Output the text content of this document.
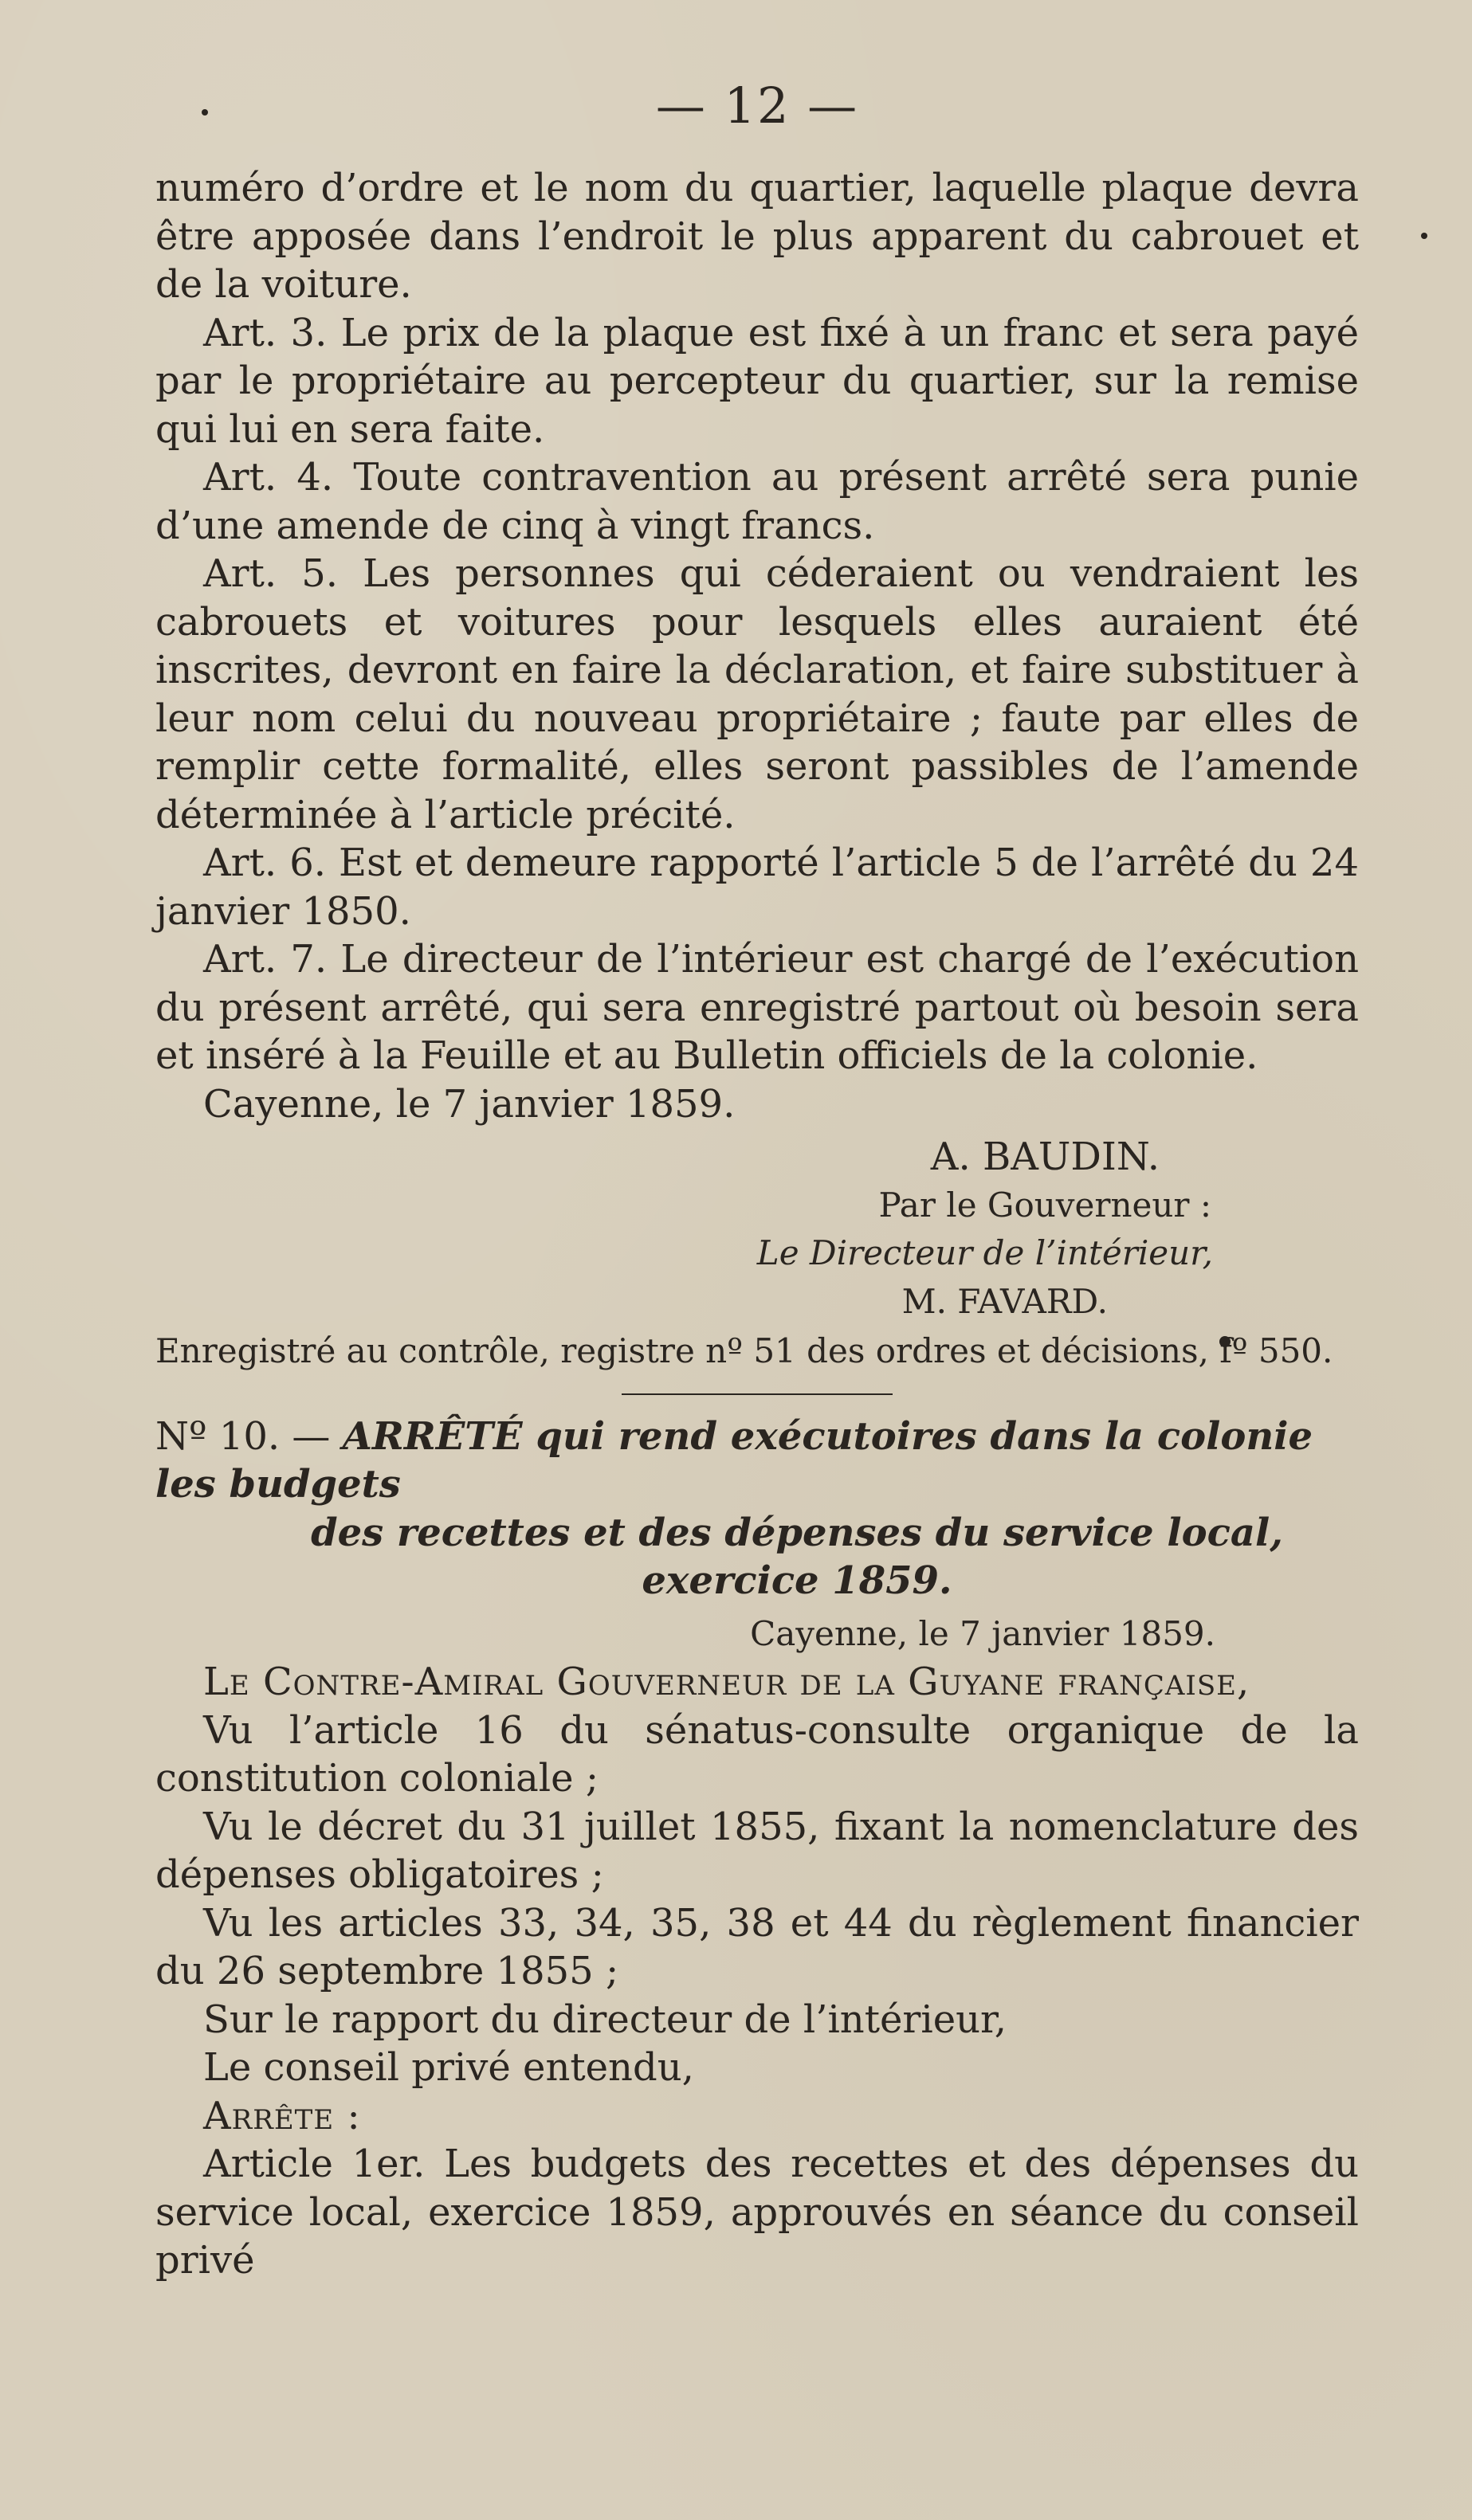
— 12 —

numéro d’ordre et le nom du quartier, laquelle plaque devra être apposée dans l’endroit le plus apparent du cabrouet et de la voiture.

Art. 3. Le prix de la plaque est fixé à un franc et sera payé par le propriétaire au percepteur du quartier, sur la remise qui lui en sera faite.

Art. 4. Toute contravention au présent arrêté sera punie d’une amende de cinq à vingt francs.

Art. 5. Les personnes qui céderaient ou vendraient les cabrouets et voitures pour lesquels elles auraient été inscrites, devront en faire la déclaration, et faire substituer à leur nom celui du nouveau propriétaire ; faute par elles de remplir cette formalité, elles seront passibles de l’amende déterminée à l’article précité.

Art. 6. Est et demeure rapporté l’article 5 de l’arrêté du 24 janvier 1850.

Art. 7. Le directeur de l’intérieur est chargé de l’exécution du présent arrêté, qui sera enregistré partout où besoin sera et inséré à la Feuille et au Bulletin officiels de la colonie.

Cayenne, le 7 janvier 1859.

A. BAUDIN.
Par le Gouverneur :
Le Directeur de l’intérieur,
M. FAVARD.
Enregistré au contrôle, registre nº 51 des ordres et décisions, fº 550.
Nº 10. — ARRÊTÉ qui rend exécutoires dans la colonie les budgets
des recettes et des dépenses du service local, exercice 1859.
Cayenne, le 7 janvier 1859.

Le Contre-Amiral Gouverneur de la Guyane française,

Vu l’article 16 du sénatus-consulte organique de la constitution coloniale ;

Vu le décret du 31 juillet 1855, fixant la nomenclature des dépenses obligatoires ;

Vu les articles 33, 34, 35, 38 et 44 du règlement financier du 26 septembre 1855 ;

Sur le rapport du directeur de l’intérieur,

Le conseil privé entendu,

Arrête :

Article 1er. Les budgets des recettes et des dépenses du service local, exercice 1859, approuvés en séance du conseil privé
